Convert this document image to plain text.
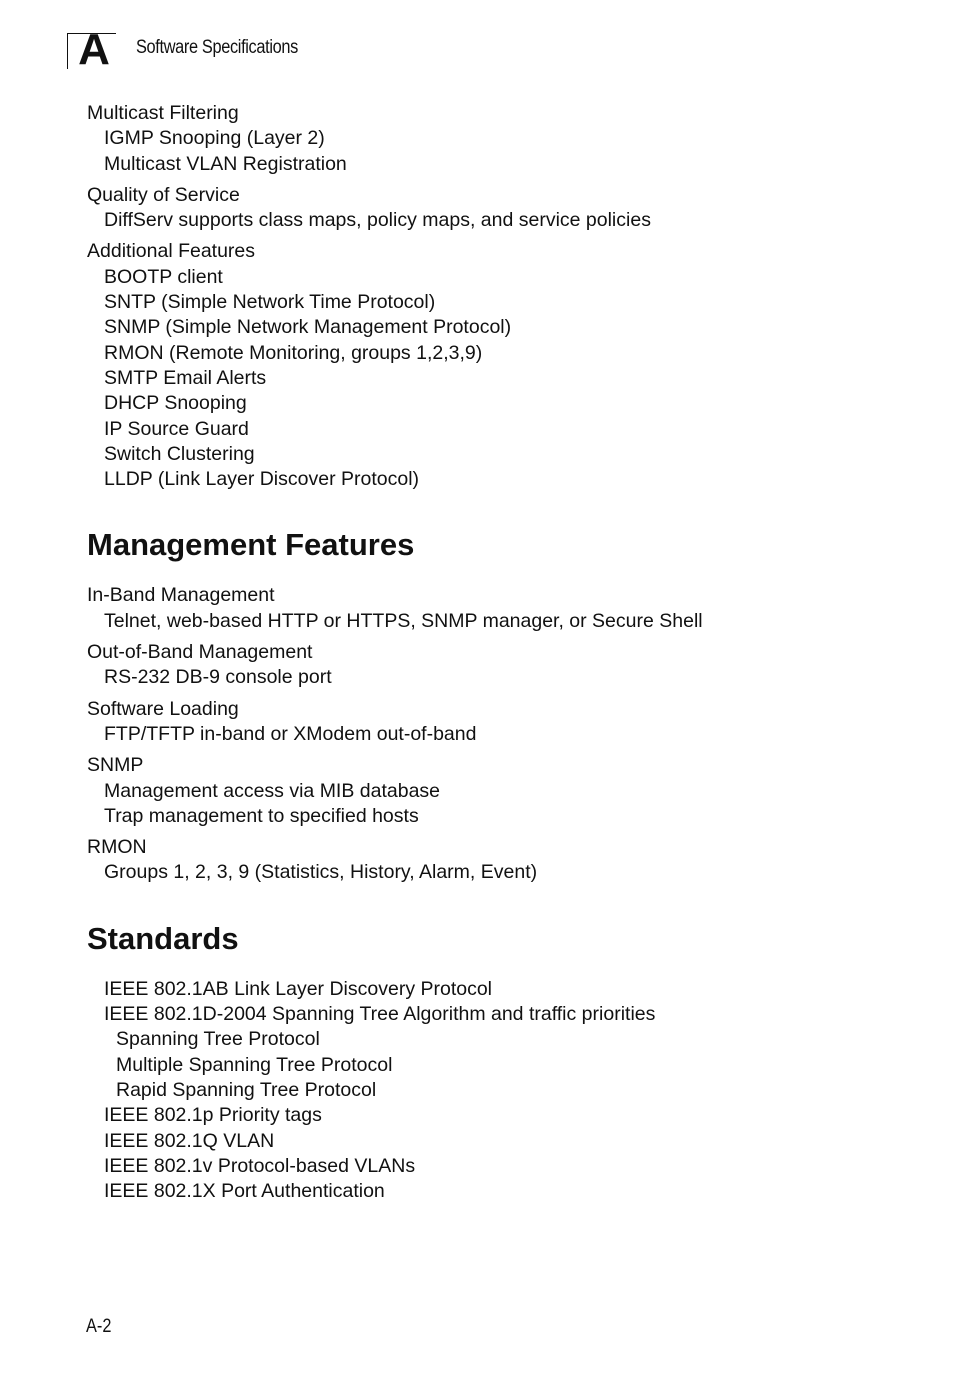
A	Software Specifications
Multicast Filtering
IGMP Snooping (Layer 2)
Multicast VLAN Registration
Quality of Service
DiffServ supports class maps, policy maps, and service policies
Additional Features
BOOTP client
SNTP (Simple Network Time Protocol)
SNMP (Simple Network Management Protocol)
RMON (Remote Monitoring, groups 1,2,3,9)
SMTP Email Alerts
DHCP Snooping
IP Source Guard
Switch Clustering
LLDP (Link Layer Discover Protocol)
Management Features
In-Band Management
Telnet, web-based HTTP or HTTPS, SNMP manager, or Secure Shell
Out-of-Band Management
RS-232 DB-9 console port
Software Loading
FTP/TFTP in-band or XModem out-of-band
SNMP
Management access via MIB database
Trap management to specified hosts
RMON
Groups 1, 2, 3, 9 (Statistics, History, Alarm, Event)
Standards
IEEE 802.1AB Link Layer Discovery Protocol
IEEE 802.1D-2004 Spanning Tree Algorithm and traffic priorities
Spanning Tree Protocol
Multiple Spanning Tree Protocol
Rapid Spanning Tree Protocol
IEEE 802.1p Priority tags
IEEE 802.1Q VLAN
IEEE 802.1v Protocol-based VLANs
IEEE 802.1X Port Authentication
A-2
